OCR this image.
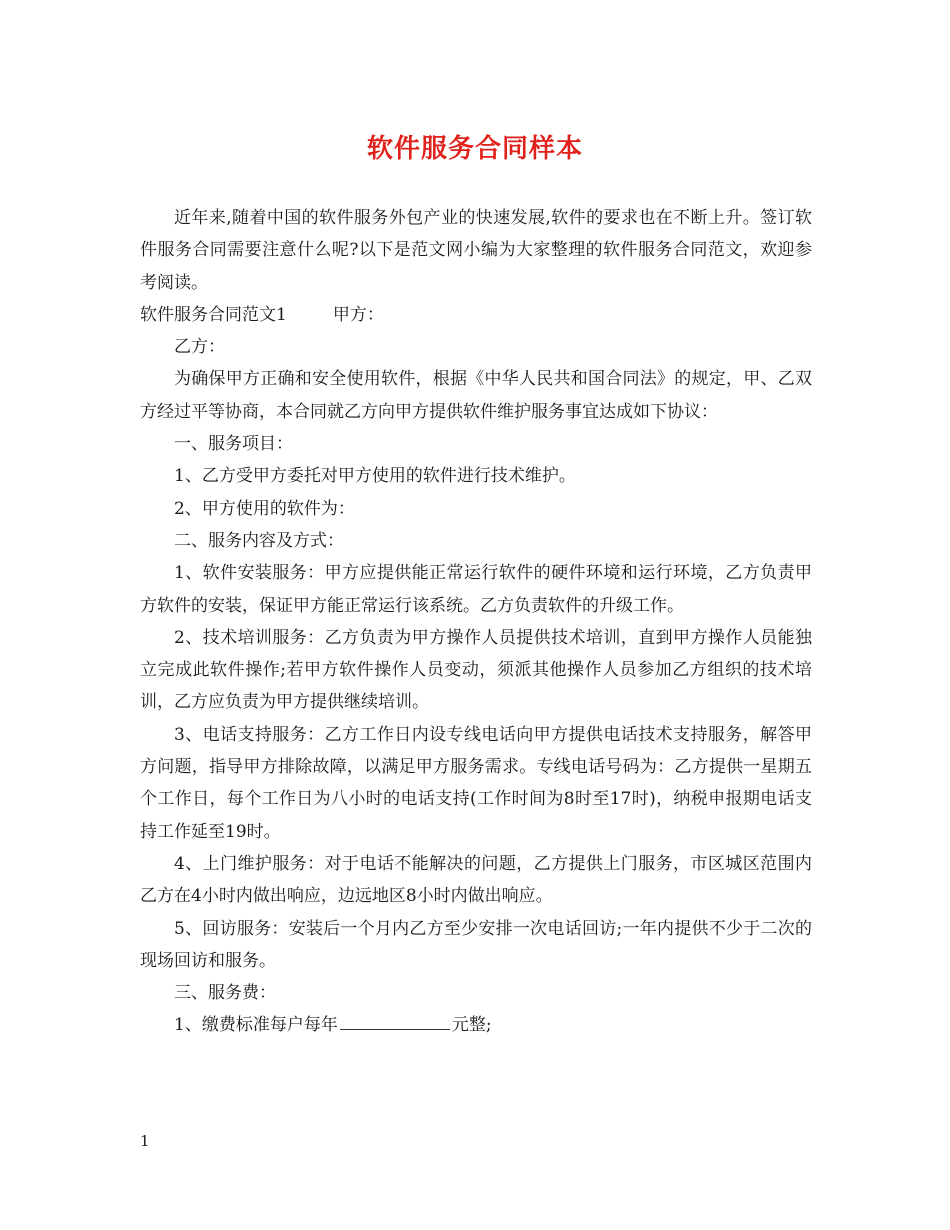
软件服务合同样本

近年来,随着中国的软件服务外包产业的快速发展,软件的要求也在不断上升。签订软件服务合同需要注意什么呢?以下是范文网小编为大家整理的软件服务合同范文，欢迎参考阅读。

软件服务合同范文1	甲方：

乙方：

为确保甲方正确和安全使用软件，根据《中华人民共和国合同法》的规定，甲、乙双方经过平等协商，本合同就乙方向甲方提供软件维护服务事宜达成如下协议：

一、服务项目：

1、乙方受甲方委托对甲方使用的软件进行技术维护。

2、甲方使用的软件为：

二、服务内容及方式：

1、软件安装服务：甲方应提供能正常运行软件的硬件环境和运行环境，乙方负责甲方软件的安装，保证甲方能正常运行该系统。乙方负责软件的升级工作。

2、技术培训服务：乙方负责为甲方操作人员提供技术培训，直到甲方操作人员能独立完成此软件操作;若甲方软件操作人员变动，须派其他操作人员参加乙方组织的技术培训，乙方应负责为甲方提供继续培训。

3、电话支持服务：乙方工作日内设专线电话向甲方提供电话技术支持服务，解答甲方问题，指导甲方排除故障，以满足甲方服务需求。专线电话号码为：乙方提供一星期五个工作日，每个工作日为八小时的电话支持(工作时间为8时至17时)，纳税申报期电话支持工作延至19时。

4、上门维护服务：对于电话不能解决的问题，乙方提供上门服务，市区城区范围内乙方在4小时内做出响应，边远地区8小时内做出响应。

5、回访服务：安装后一个月内乙方至少安排一次电话回访;一年内提供不少于二次的现场回访和服务。

三、服务费：

1、缴费标准每户每年	元整;

1
